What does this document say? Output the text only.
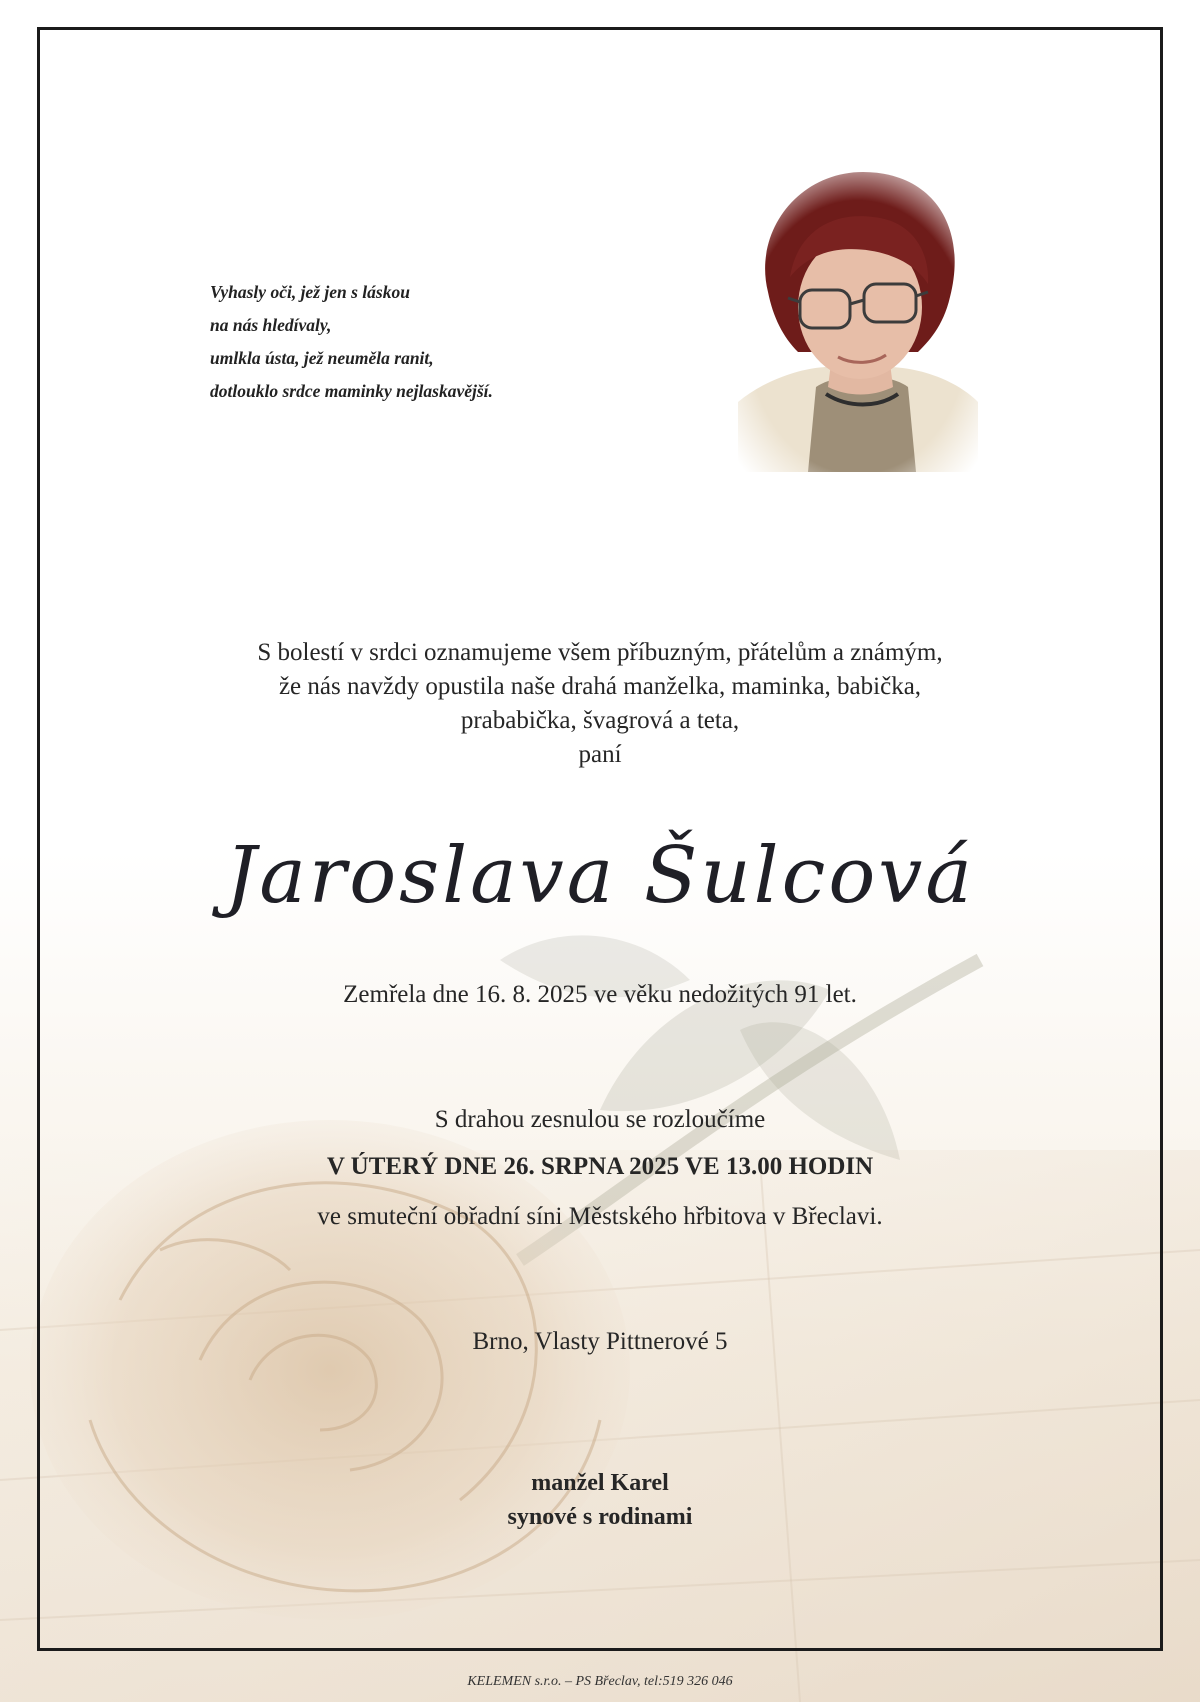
Vyhasly oči, jež jen s láskou
na nás hledívaly,
umlkla ústa, jež neuměla ranit,
dotlouklo srdce maminky nejlaskavější.
S bolestí v srdci oznamujeme všem příbuzným, přátelům a známým,
že nás navždy opustila naše drahá manželka, maminka, babička,
prababička, švagrová a teta,
paní
Jaroslava Šulcová
Zemřela dne 16. 8. 2025 ve věku nedožitých 91 let.
S drahou zesnulou se rozloučíme
V ÚTERÝ DNE 26. SRPNA 2025 VE 13.00 HODIN
ve smuteční obřadní síni Městského hřbitova v Břeclavi.
Brno, Vlasty Pittnerové 5
manžel Karel
synové s rodinami
KELEMEN s.r.o. – PS Břeclav, tel:519 326 046
